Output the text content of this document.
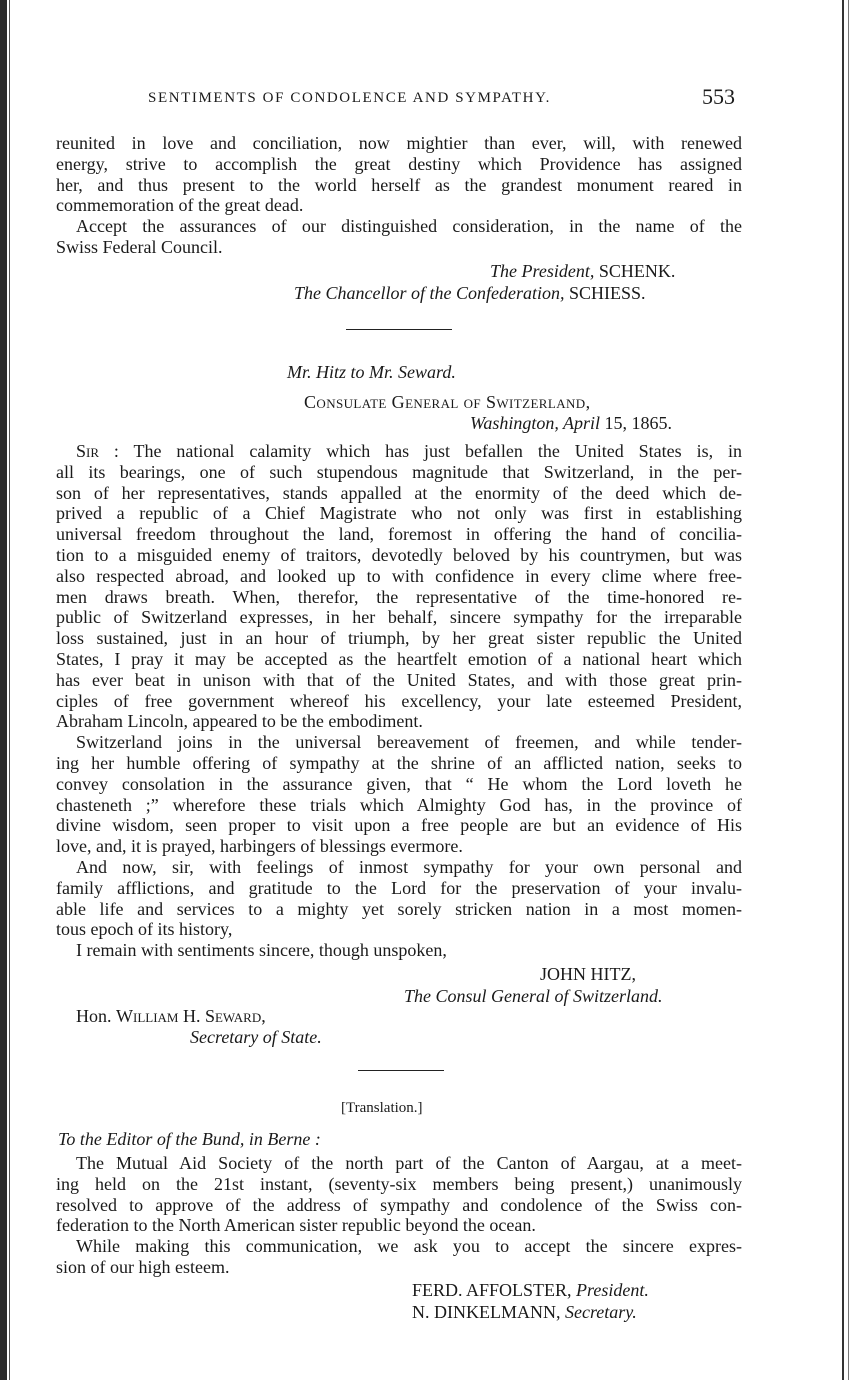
SENTIMENTS OF CONDOLENCE AND SYMPATHY.	553
reunited in love and conciliation, now mightier than ever, will, with renewed
energy, strive to accomplish the great destiny which Providence has assigned
her, and thus present to the world herself as the grandest monument reared in
commemoration of the great dead.
Accept the assurances of our distinguished consideration, in the name of the
Swiss Federal Council.
The President, SCHENK.
The Chancellor of the Confederation, SCHIESS.
Mr. Hitz to Mr. Seward.
Consulate General of Switzerland,
Washington, April 15, 1865.
Sir : The national calamity which has just befallen the United States is, in
all its bearings, one of such stupendous magnitude that Switzerland, in the per-
son of her representatives, stands appalled at the enormity of the deed which de-
prived a republic of a Chief Magistrate who not only was first in establishing
universal freedom throughout the land, foremost in offering the hand of concilia-
tion to a misguided enemy of traitors, devotedly beloved by his countrymen, but was
also respected abroad, and looked up to with confidence in every clime where free-
men draws breath. When, therefor, the representative of the time-honored re-
public of Switzerland expresses, in her behalf, sincere sympathy for the irreparable
loss sustained, just in an hour of triumph, by her great sister republic the United
States, I pray it may be accepted as the heartfelt emotion of a national heart which
has ever beat in unison with that of the United States, and with those great prin-
ciples of free government whereof his excellency, your late esteemed President,
Abraham Lincoln, appeared to be the embodiment.
Switzerland joins in the universal bereavement of freemen, and while tender-
ing her humble offering of sympathy at the shrine of an afflicted nation, seeks to
convey consolation in the assurance given, that “ He whom the Lord loveth he
chasteneth ;” wherefore these trials which Almighty God has, in the province of
divine wisdom, seen proper to visit upon a free people are but an evidence of His
love, and, it is prayed, harbingers of blessings evermore.
And now, sir, with feelings of inmost sympathy for your own personal and
family afflictions, and gratitude to the Lord for the preservation of your invalu-
able life and services to a mighty yet sorely stricken nation in a most momen-
tous epoch of its history,
I remain with sentiments sincere, though unspoken,
JOHN HITZ,
The Consul General of Switzerland.
Hon. William H. Seward,
Secretary of State.
[Translation.]
To the Editor of the Bund, in Berne :
The Mutual Aid Society of the north part of the Canton of Aargau, at a meet-
ing held on the 21st instant, (seventy-six members being present,) unanimously
resolved to approve of the address of sympathy and condolence of the Swiss con-
federation to the North American sister republic beyond the ocean.
While making this communication, we ask you to accept the sincere expres-
sion of our high esteem.
FERD. AFFOLSTER, President.
N. DINKELMANN, Secretary.
